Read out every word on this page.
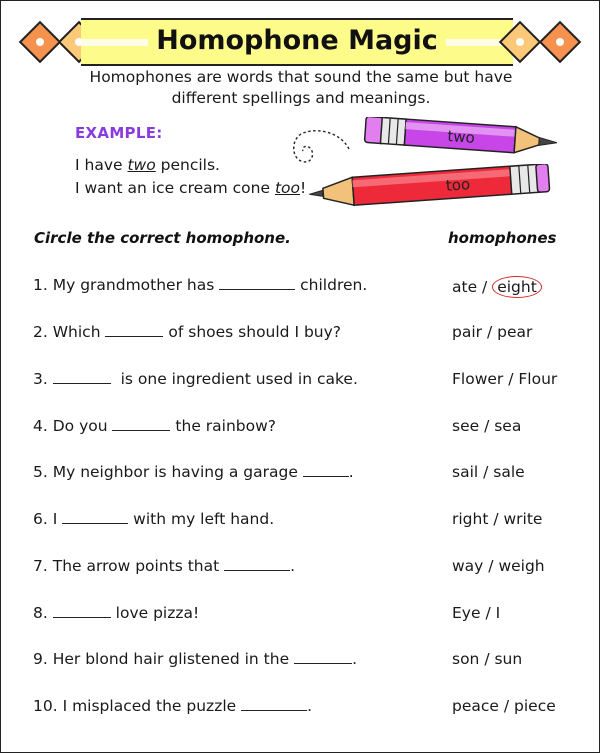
Homophone Magic
Homophones are words that sound the same but have
different spellings and meanings.
EXAMPLE:
I have two pencils.
I want an ice cream cone too!
two
too
Circle the correct homophone.	homophones
1. My grandmother has	children.	ate / eight
2. Which	of shoes should I buy?	pair / pear
3.	is one ingredient used in cake.	Flower / Flour
4. Do you	the rainbow?	see / sea
5. My neighbor is having a garage	.	sail / sale
6. I	with my left hand.	right / write
7. The arrow points that	.	way / weigh
8.	love pizza!	Eye / I
9. Her blond hair glistened in the	.	son / sun
10. I misplaced the puzzle	.	peace / piece
